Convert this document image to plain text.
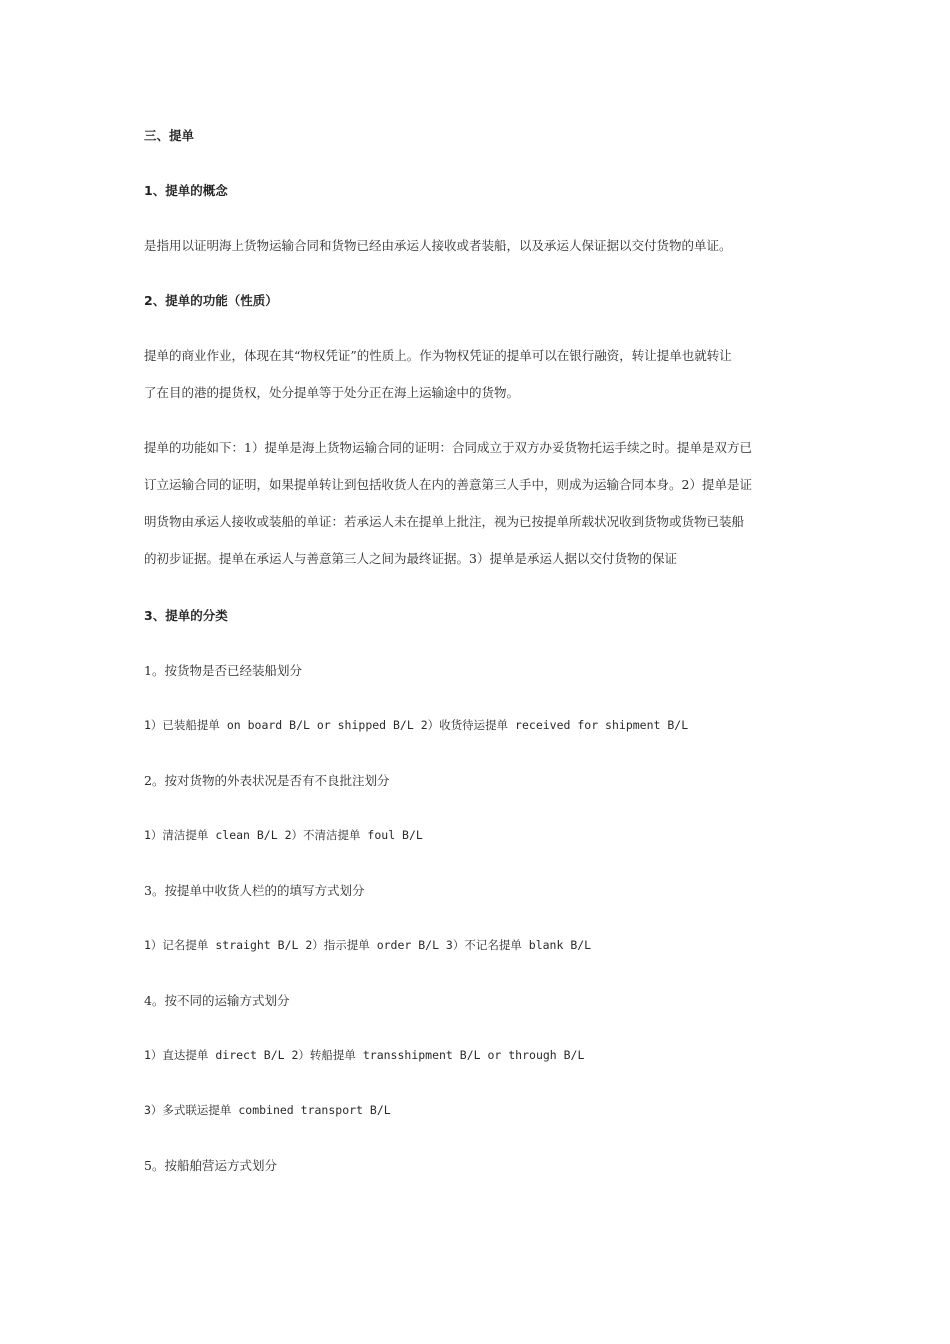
三、提单

1、提单的概念

是指用以证明海上货物运输合同和货物已经由承运人接收或者装船，以及承运人保证据以交付货物的单证。

2、提单的功能（性质）

提单的商业作业，体现在其“物权凭证”的性质上。作为物权凭证的提单可以在银行融资，转让提单也就转让

了在目的港的提货权，处分提单等于处分正在海上运输途中的货物。

提单的功能如下：1）提单是海上货物运输合同的证明：合同成立于双方办妥货物托运手续之时。提单是双方已

订立运输合同的证明，如果提单转让到包括收货人在内的善意第三人手中，则成为运输合同本身。2）提单是证

明货物由承运人接收或装船的单证：若承运人未在提单上批注，视为已按提单所载状况收到货物或货物已装船

的初步证据。提单在承运人与善意第三人之间为最终证据。3）提单是承运人据以交付货物的保证

3、提单的分类

1。按货物是否已经装船划分

1）已装船提单 on board B/L or shipped B/L 2）收货待运提单 received for shipment B/L

2。按对货物的外表状况是否有不良批注划分

1）清洁提单 clean B/L 2）不清洁提单 foul B/L

3。按提单中收货人栏的的填写方式划分

1）记名提单 straight B/L 2）指示提单 order B/L 3）不记名提单 blank B/L

4。按不同的运输方式划分

1）直达提单 direct B/L 2）转船提单 transshipment B/L or through B/L

3）多式联运提单 combined transport B/L

5。按船舶营运方式划分
